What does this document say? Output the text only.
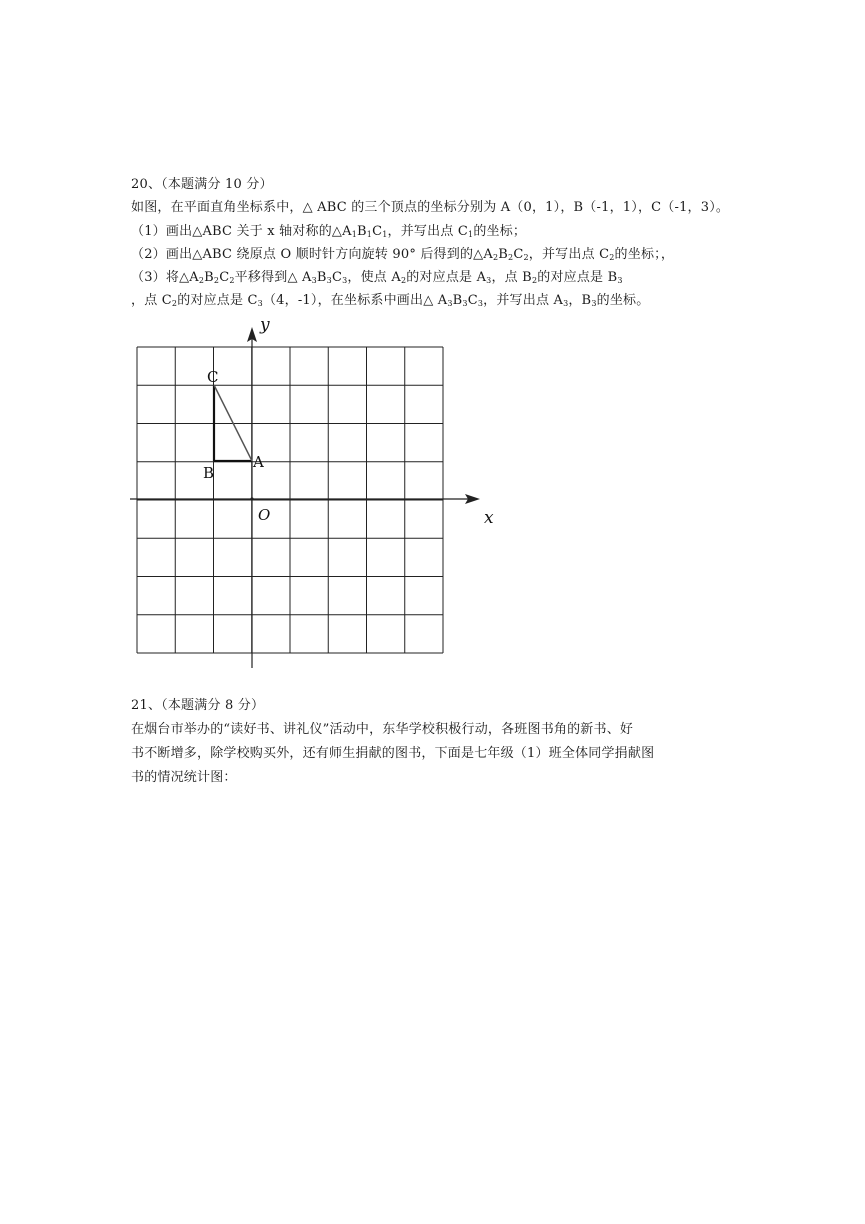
20、（本题满分 10 分）
如图，在平面直角坐标系中，△ ABC 的三个顶点的坐标分别为 A（0，1），B（-1，1），C（-1，3）。
（1）画出△ABC 关于 x 轴对称的$\triangle A_1B_1C_1$，并写出点 $C_1$的坐标；
（2）画出△ABC 绕原点 O 顺时针方向旋转 90° 后得到的$\triangle A_2B_2C_2$，并写出点 $C_2$的坐标；，
（3）将$\triangle A_2B_2C_2$平移得到△ $A_3B_3C_3$，使点 $A_2$的对应点是 $A_3$，点 $B_2$的对应点是 $B_3$
，点 $C_2$的对应点是 $C_3(4$，-1），在坐标系中画出△ $A_3B_3C_3$，并写出点 $A_3$，$B_3$的坐标。
C
B
A
O	x
y
21、（本题满分 8 分）
在烟台市举办的“读好书、讲礼仪”活动中，东华学校积极行动，各班图书角的新书、好
书不断增多，除学校购买外，还有师生捐献的图书，下面是七年级（1）班全体同学捐献图
书的情况统计图：
